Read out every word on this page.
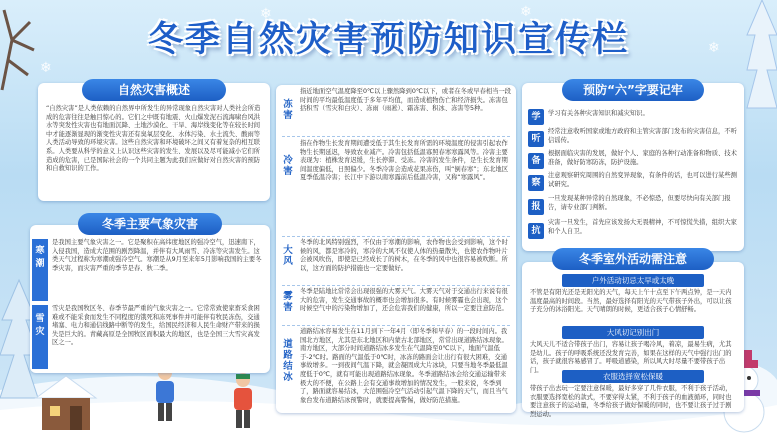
❄	❄
❄
❄
冬季自然灾害预防知识宣传栏
自然灾害概述
“自然灾害”是人类依赖的自然界中所发生的异常现象自然灾害对人类社会所造成的危害往往是触目惊心的。它们之中既有地震、火山爆发泥石流海啸台风洪水等突发性灾害也有地面沉降、土地沙漠化、干旱、海岸线变化等在较长时间中才能逐渐显现的渐变性灾害还有臭氧层变化、水体污染、水土流失、酸雨等人类活动导致的环境灾害。这些自然灾害和环境破坏之间又有着复杂的相互联系。人类要从科学的意义上认识这些灾害的发生、发展以及尽可能减小它们所造成的危害，已是国际社会的一个共同主题为此我们应做好对自然灾害的预防和自救知识的工作。
冬季主要气象灾害
寒潮
是我国主要气象灾害之一。它是聚积在高纬度地区的强冷空气，迅速南下，入侵我国，造成大范围的剧烈降温，并伴有大风雨雪、冷冻等灾害发生。这类天气过程称为寒潮或强冷空气。寒潮是从9月至来年5月影响我国的主要冬季灾害，而灾害严重的季节是春、秋二季。
雪灾
雪灾是我国牧区冬、春季节最严重的气象灾害之一。它常常致使家畜采食困难或不能采食而发生不同程度的饿死和冻死事件并可能伴有牧民冻伤，交通堵塞、电力和通信线路中断等的发生，给国民经济和人民生命财产带来的损失是巨大的。青藏高原是全国牧区面积最大的地区，也是全国三大雪灾高发区之一。
冻害
指近地面空气温度降至0℃以上骤然降到0℃以下，或者在冬或早春相当一段时间的平均最低温度低于多年平均值，而造成植物伤亡和经济损失。冻害包括积雪（雪灾和白灾）、冻雨（雨凇）、霜冻害、积冰、冻害等5种。
冷害
指在作物生长发育期间遭受低于其生长发育所需的环境温度的侵害引起农作物生长期延迟，导致农业减产。冷害包括低温寡照春寒寒露风等。冷害主要表现为：植株发育迟缓，生长停滞、受冻。冷害的发生条件，是生长发育期间温度偏低，日照偏少。冬季冷害会造成花果冻伤，叫“倒春寒”；东北地区夏季低温冷害；长江中下游以南寒露前后低温冷害，又称“寒露风”。
大风
冬季的北风特别强烈，不仅由于寒潮的影响，农作物也会受到影响，这个时候的风，都是寒冷的，寒冷的大风不仅使人体的热量散失，也使农作物叶片会被风吹伤，即使是已经成长了的树木，在冬季的风中也很容易被吹断。所以，这方面的防护措施也一定要做好。
雾害
冬季是陆地比常常会出现很强的大雾天气。大雾天气对于交通出行来说有很大的危害，发生交通事故的概率也会增加很多。有时候雾霾也会出现，这个时候空气中的污染物增加了，还会危害我们的健康，所以一定要注意防范。
道路结冰
道路结冰容易发生在11月到下一年4月（即冬季和早春）的一段时间内。我国北方地区，尤其是东北地区和内蒙古北部地区，常常出现道路结冰现象。南方地区，大部分时间道路结冰多发生在气温降至0℃以下，地面气温低于-2℃时。路面的气温低于0℃时，冰冻的路面会让出行有很大困难，交通事故增多。一到夜间气温下降，就会凝固成大片冰块，只要当地冬季最低温度低于0℃，就有可能出现道路结冰现象。冬季道路结冰会给交通运输带来极大的不便，在公路上会有交通事故增加的情况发生，一般来说，冬季到了，路面就容易结冰，大范围强冷空气活动引起气温下降的天气，而且当气象台发布道路结冰预警时，就要提高警惕，做好防范措施。
预防“六”字要记牢
学	学习有关各种灾害知识和减灾知识。
听
经常注意收听国家或地方政府和主管灾害部门发布的灾害信息，不听信谣传。
备
根据面临灾害的发展，做好个人、家庭的各种行动准备和物质、技术准备，做好防寒防冻，防护设施。
察
注意观察研究周围的自然变异现象，有条件的话，也可以进行某些测试研究。
报
一旦发现某种异常的自然现象，不必惊恐，但要尽快向有关部门报告，请专业部门判断。
抗
灾害一旦发生，首先应该发扬大无畏精神，不可惊慌失措，组织大家和个人自卫。
冬季室外活动需注意
户外活动切忌太早或太晚
不管是有阳光还是无阳光的天气，每天上午十点至下午两点钟，是一天内温度最高的时间段。当然，最好选择有阳光的天气带孩子外出，可以让孩子充分的沐浴阳光。天气晴朗的时候，更适合孩子心情舒畅。
大风切记别出门
大风天儿不适合带孩子出门，容易让孩子喝冷风，着凉，最易生病，尤其是幼儿。孩子的呼吸系统还没发育完善，如果在这样的天气中强行出门的话，孩子就很容易感冒了。呼吸道感染，所以风大时尽量不要带孩子出门。
衣服选择宽松保暖
带孩子出去玩一定要注意保暖，最好多穿了几件衣服，不利于孩子活动，衣服要选择宽松的款式，不要穿得太紧，不利于孩子的血液循环，同时也要注意孩子的运动量，冬季给孩子做好保暖的同时，也不要让孩子过于剧烈运动。
